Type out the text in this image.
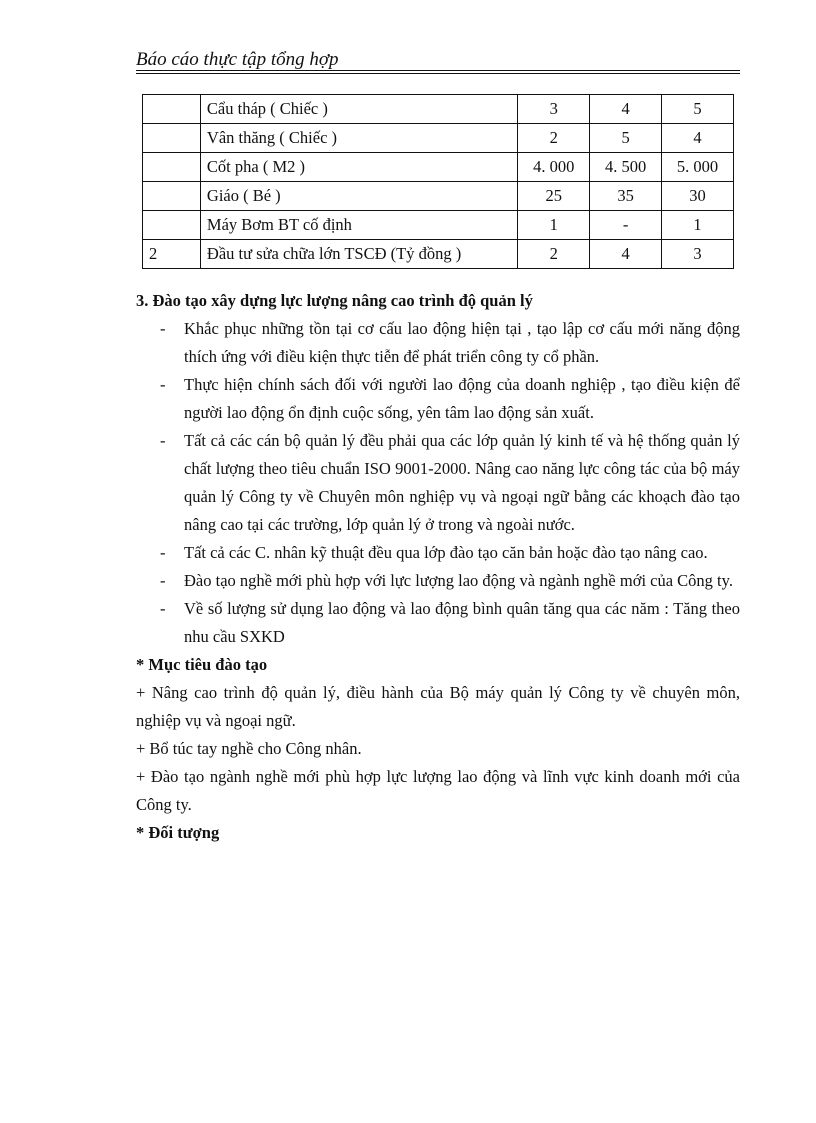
Báo cáo thực tập tổng hợp
	Cẩu tháp ( Chiếc )	3	4	5
	Vân thăng ( Chiếc )	2	5	4
	Cốt pha ( M2 )	4. 000	4. 500	5. 000
	Giáo ( Bé )	25	35	30
	Máy Bơm BT cố định	1	-	1
2	Đầu tư sửa chữa lớn TSCĐ (Tỷ đồng )	2	4	3

3. Đào tạo xây dựng lực lượng nâng cao trình độ quản lý

- Khắc phục những tồn tại cơ cấu lao động hiện tại , tạo lập cơ cấu mới năng động thích ứng với điều kiện thực tiễn để phát triển công ty cổ phần.
- Thực hiện chính sách đối với người lao động của doanh nghiệp , tạo điều kiện để người lao động ổn định cuộc sống, yên tâm lao động sản xuất.
- Tất cả các cán bộ quản lý đều phải qua các lớp quản lý kinh tế và hệ thống quản lý chất lượng theo tiêu chuẩn ISO 9001-2000. Nâng cao năng lực công tác của bộ máy quản lý Công ty về Chuyên môn nghiệp vụ và ngoại ngữ bằng các khoạch đào tạo nâng cao tại các trường, lớp quản lý ở trong và ngoài nước.
- Tất cả các C. nhân kỹ thuật đều qua lớp đào tạo căn bản hoặc đào tạo nâng cao.
- Đào tạo nghề mới phù hợp với lực lượng lao động và ngành nghề mới của Công ty.
- Về số lượng sử dụng lao động và lao động bình quân tăng qua các năm : Tăng theo nhu cầu SXKD

* Mục tiêu đào tạo

+ Nâng cao trình độ quản lý, điều hành của Bộ máy quản lý Công ty về chuyên môn, nghiệp vụ và ngoại ngữ.

+ Bổ túc tay nghề cho Công nhân.

+ Đào tạo ngành nghề mới phù hợp lực lượng lao động và lĩnh vực kinh doanh mới của Công ty.

* Đối tượng
